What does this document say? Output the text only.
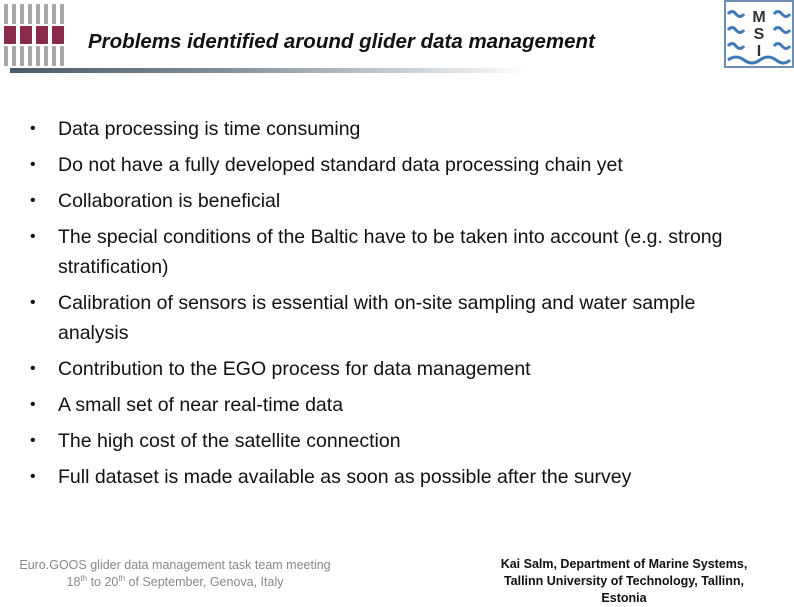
Problems identified around glider data management
M
S
I
• Data processing is time consuming
• Do not have a fully developed standard data processing chain yet
• Collaboration is beneficial
• The special conditions of the Baltic have to be taken into account (e.g. strong stratification)
• Calibration of sensors is essential with on-site sampling and water sample analysis
• Contribution to the EGO process for data management
• A small set of near real-time data
• The high cost of the satellite connection
• Full dataset is made available as soon as possible after the survey
Euro.GOOS glider data management task team meeting
18th to 20th of September, Genova, Italy
Kai Salm, Department of Marine Systems,
Tallinn University of Technology, Tallinn,
Estonia
